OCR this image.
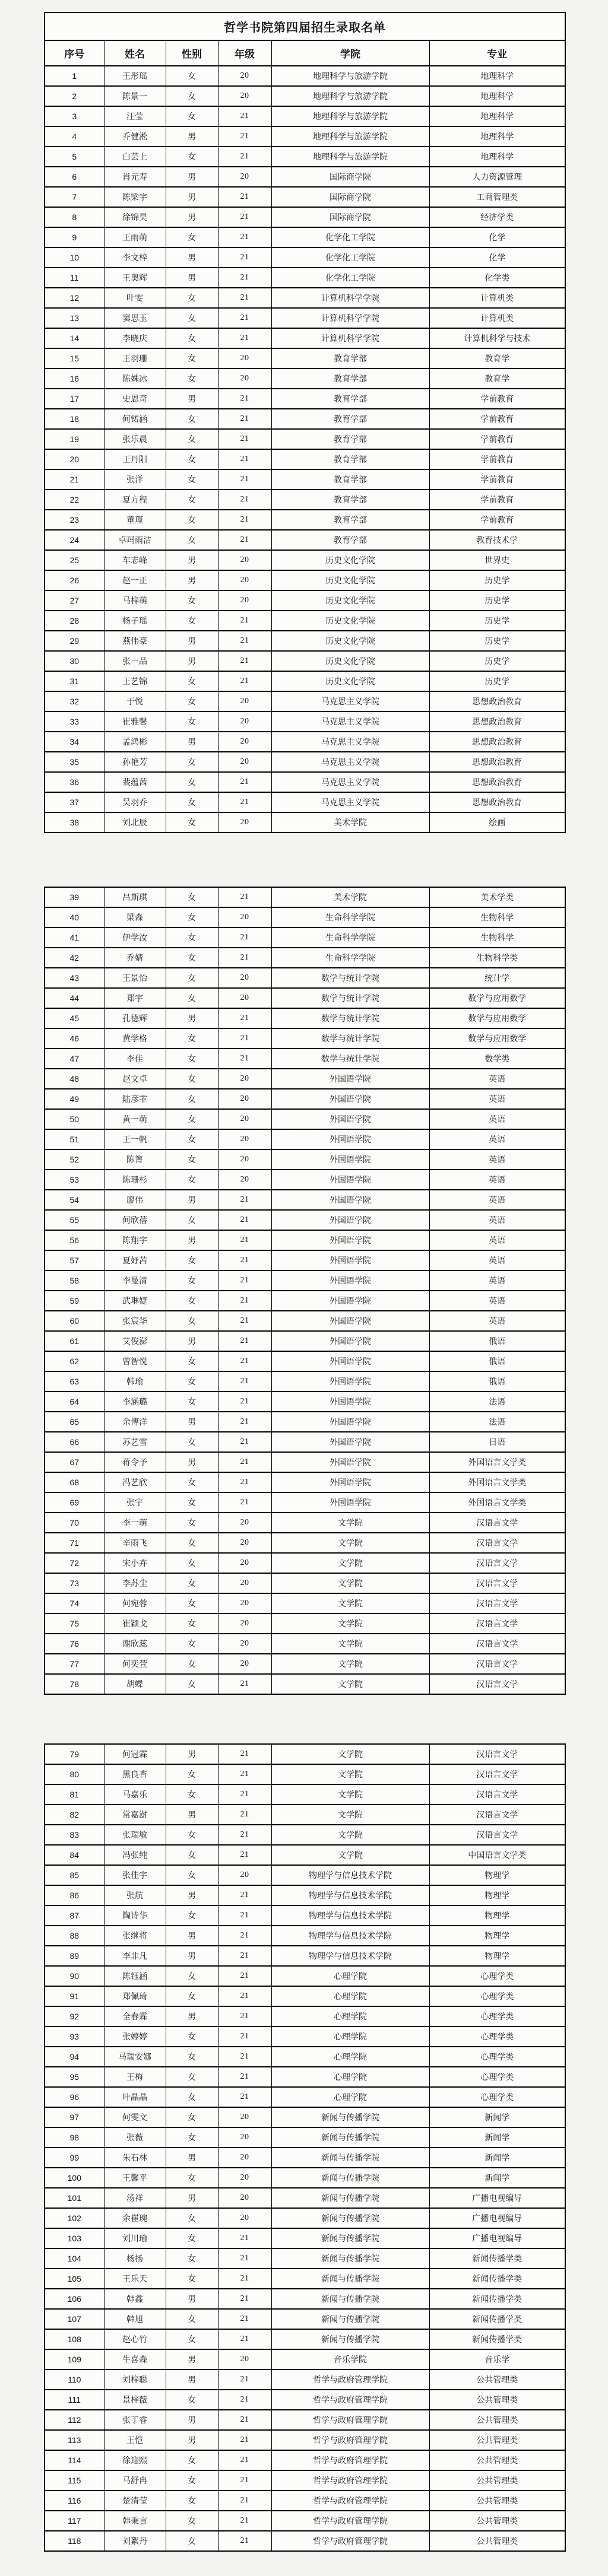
哲学书院第四届招生录取名单					
序号	姓名	性别	年级	学院	专业
1	王彤瑶	女	20	地理科学与旅游学院	地理科学
2	陈景一	女	20	地理科学与旅游学院	地理科学
3	汪莹	女	21	地理科学与旅游学院	地理科学
4	乔健淞	男	21	地理科学与旅游学院	地理科学
5	白芸上	女	21	地理科学与旅游学院	地理科学
6	肖元寿	男	20	国际商学院	人力资源管理
7	陈梁宇	男	21	国际商学院	工商管理类
8	徐锦昊	男	21	国际商学院	经济学类
9	王雨萌	女	21	化学化工学院	化学
10	李文梓	男	21	化学化工学院	化学
11	王奥辉	男	21	化学化工学院	化学类
12	叶雯	女	21	计算机科学学院	计算机类
13	窦思玉	女	21	计算机科学学院	计算机类
14	李晓庆	女	21	计算机科学学院	计算机科学与技术
15	王羽珊	女	20	教育学部	教育学
16	陈姝冰	女	20	教育学部	教育学
17	史恩奇	男	21	教育学部	学前教育
18	何锘涵	女	21	教育学部	学前教育
19	张乐晨	女	21	教育学部	学前教育
20	王丹阳	女	21	教育学部	学前教育
21	张洋	女	21	教育学部	学前教育
22	夏方程	女	21	教育学部	学前教育
23	董瑾	女	21	教育学部	学前教育
24	卓玛雨洁	女	21	教育学部	教育技术学
25	车志峰	男	20	历史文化学院	世界史
26	赵一正	男	20	历史文化学院	历史学
27	马梓萌	女	20	历史文化学院	历史学
28	杨子瑶	女	21	历史文化学院	历史学
29	燕伟豪	男	21	历史文化学院	历史学
30	张一品	男	21	历史文化学院	历史学
31	王艺锦	女	21	历史文化学院	历史学
32	于悦	女	20	马克思主义学院	思想政治教育
33	崔雅馨	女	20	马克思主义学院	思想政治教育
34	孟鸿彬	男	20	马克思主义学院	思想政治教育
35	孙艳芳	女	20	马克思主义学院	思想政治教育
36	裴蕴茜	女	21	马克思主义学院	思想政治教育
37	吴羽乔	女	21	马克思主义学院	思想政治教育
38	刘北辰	女	20	美术学院	绘画
39	吕斯琪	女	21	美术学院	美术学类
40	梁森	女	20	生命科学学院	生物科学
41	伊学汝	女	21	生命科学学院	生物科学
42	乔婧	女	21	生命科学学院	生物科学类
43	王景怡	女	20	数学与统计学院	统计学
44	郑宇	女	20	数学与统计学院	数学与应用数学
45	孔德辉	男	21	数学与统计学院	数学与应用数学
46	黄学格	女	21	数学与统计学院	数学与应用数学
47	李佳	女	21	数学与统计学院	数学类
48	赵文卓	女	20	外国语学院	英语
49	陆彦霏	女	20	外国语学院	英语
50	黄一萌	女	20	外国语学院	英语
51	王一帆	女	20	外国语学院	英语
52	陈箐	女	20	外国语学院	英语
53	陈珊杉	女	20	外国语学院	英语
54	廖伟	男	21	外国语学院	英语
55	何欣蓓	女	21	外国语学院	英语
56	陈翔宇	男	21	外国语学院	英语
57	夏妤茜	女	21	外国语学院	英语
58	李曼清	女	21	外国语学院	英语
59	武琳婕	女	21	外国语学院	英语
60	张宸华	女	21	外国语学院	英语
61	艾俊澎	男	21	外国语学院	俄语
62	曾智悦	女	21	外国语学院	俄语
63	韩瑜	女	21	外国语学院	俄语
64	李涵璐	女	21	外国语学院	法语
65	余博洋	男	21	外国语学院	法语
66	苏艺雪	女	21	外国语学院	日语
67	蒋令予	男	21	外国语学院	外国语言文学类
68	冯艺欣	女	21	外国语学院	外国语言文学类
69	张宇	女	21	外国语学院	外国语言文学类
70	李一萌	女	20	文学院	汉语言文学
71	辛雨飞	女	20	文学院	汉语言文学
72	宋小卉	女	20	文学院	汉语言文学
73	李苏尘	女	20	文学院	汉语言文学
74	何宛蓉	女	20	文学院	汉语言文学
75	崔颖戈	女	20	文学院	汉语言文学
76	谢欣蕊	女	20	文学院	汉语言文学
77	何奕萱	女	20	文学院	汉语言文学
78	胡蝶	女	21	文学院	汉语言文学
79	何冠霖	男	21	文学院	汉语言文学
80	黑良杏	女	21	文学院	汉语言文学
81	马嘉乐	女	21	文学院	汉语言文学
82	常嘉澍	男	21	文学院	汉语言文学
83	张瑞敏	女	21	文学院	汉语言文学
84	冯张纯	女	21	文学院	中国语言文学类
85	张佳宇	女	20	物理学与信息技术学院	物理学
86	张航	男	21	物理学与信息技术学院	物理学
87	陶诗华	女	21	物理学与信息技术学院	物理学
88	张继将	男	21	物理学与信息技术学院	物理学
89	李非凡	男	21	物理学与信息技术学院	物理学
90	陈钰涵	女	21	心理学院	心理学类
91	郑佩琦	女	21	心理学院	心理学类
92	全春霖	男	21	心理学院	心理学类
93	张婷婷	女	21	心理学院	心理学类
94	马瑞安娜	女	21	心理学院	心理学类
95	王梅	女	21	心理学院	心理学类
96	叶晶晶	女	21	心理学院	心理学类
97	何雯文	女	20	新闻与传播学院	新闻学
98	张薇	女	20	新闻与传播学院	新闻学
99	朱石林	男	20	新闻与传播学院	新闻学
100	王馨平	女	20	新闻与传播学院	新闻学
101	汤祥	男	20	新闻与传播学院	广播电视编导
102	余崔琬	女	20	新闻与传播学院	广播电视编导
103	刘川瑜	女	21	新闻与传播学院	广播电视编导
104	杨扬	女	21	新闻与传播学院	新闻传播学类
105	王乐天	女	21	新闻与传播学院	新闻传播学类
106	韩鑫	男	21	新闻与传播学院	新闻传播学类
107	韩旭	女	21	新闻与传播学院	新闻传播学类
108	赵心竹	女	21	新闻与传播学院	新闻传播学类
109	牛喜森	男	20	音乐学院	音乐学
110	刘梓聪	男	21	哲学与政府管理学院	公共管理类
111	景梓薇	女	21	哲学与政府管理学院	公共管理类
112	张丁睿	男	21	哲学与政府管理学院	公共管理类
113	王恺	男	21	哲学与政府管理学院	公共管理类
114	徐迎熙	女	21	哲学与政府管理学院	公共管理类
115	马舒冉	女	21	哲学与政府管理学院	公共管理类
116	楚清莹	女	21	哲学与政府管理学院	公共管理类
117	韩秉言	女	21	哲学与政府管理学院	公共管理类
118	刘絮丹	女	21	哲学与政府管理学院	公共管理类
